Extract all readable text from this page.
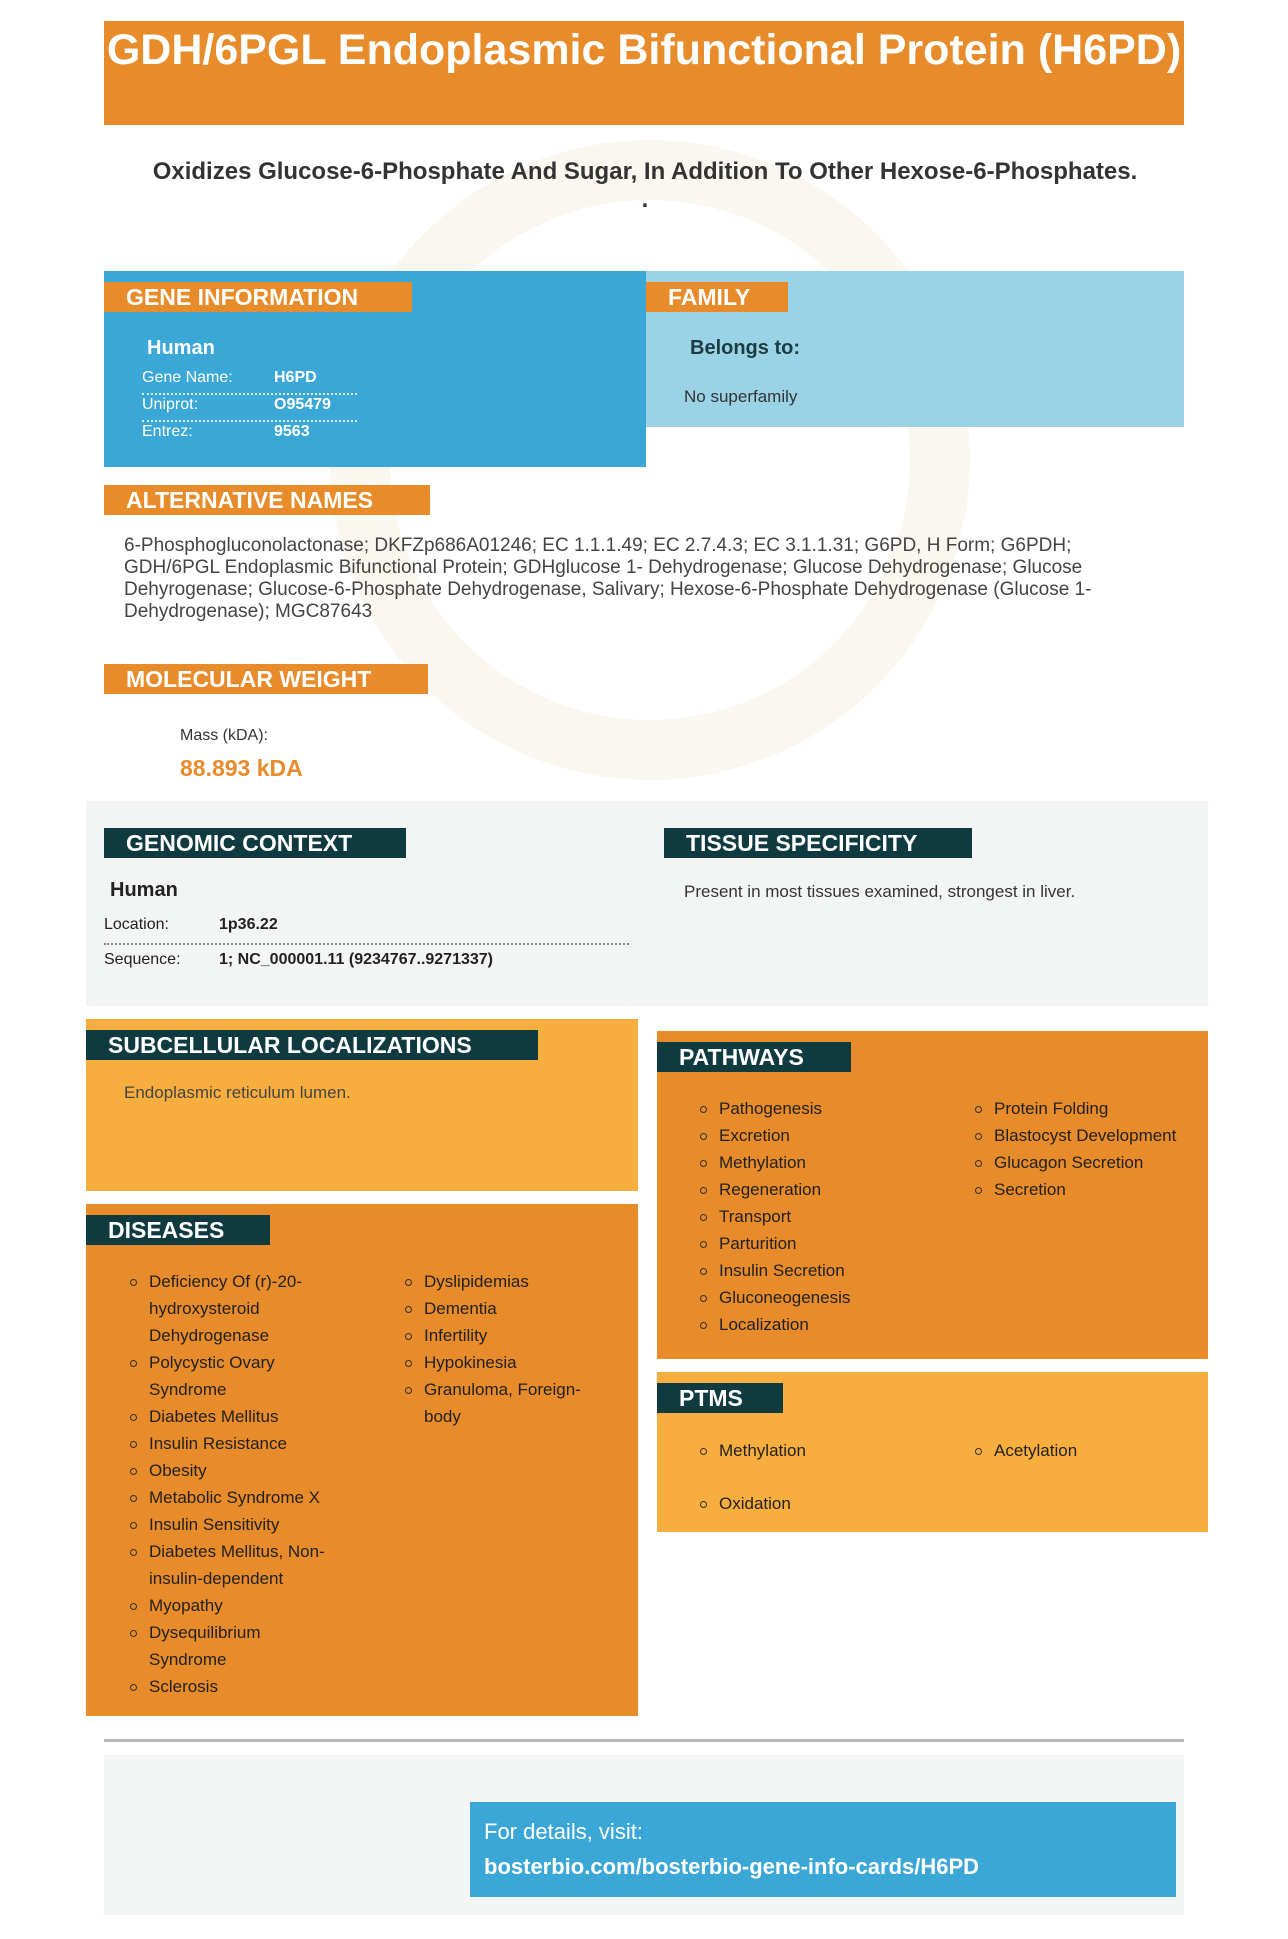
GDH/6PGL Endoplasmic Bifunctional Protein (H6PD)
Oxidizes Glucose-6-Phosphate And Sugar, In Addition To Other Hexose-6-Phosphates. .
GENE INFORMATION
Human
Gene Name:	H6PD
Uniprot:	O95479
Entrez:	9563
FAMILY
Belongs to:
No superfamily
ALTERNATIVE NAMES
6-Phosphogluconolactonase; DKFZp686A01246; EC 1.1.1.49; EC 2.7.4.3; EC 3.1.1.31; G6PD, H Form; G6PDH; GDH/6PGL Endoplasmic Bifunctional Protein; GDHglucose 1- Dehydrogenase; Glucose Dehydrogenase; Glucose Dehyrogenase; Glucose-6-Phosphate Dehydrogenase, Salivary; Hexose-6-Phosphate Dehydrogenase (Glucose 1-Dehydrogenase); MGC87643
MOLECULAR WEIGHT
Mass (kDA):
88.893 kDA
GENOMIC CONTEXT
Human
Location:	1p36.22
Sequence: 1; NC_000001.11 (9234767..9271337)
TISSUE SPECIFICITY
Present in most tissues examined, strongest in liver.
SUBCELLULAR LOCALIZATIONS
Endoplasmic reticulum lumen.
DISEASES
Deficiency Of (r)-20-hydroxysteroid Dehydrogenase
Polycystic Ovary Syndrome
Diabetes Mellitus
Insulin Resistance
Obesity
Metabolic Syndrome X
Insulin Sensitivity
Diabetes Mellitus, Non-insulin-dependent
Myopathy
Dysequilibrium Syndrome
Sclerosis
Dyslipidemias
Dementia
Infertility
Hypokinesia
Granuloma, Foreign-body
PATHWAYS
Pathogenesis
Excretion
Methylation
Regeneration
Transport
Parturition
Insulin Secretion
Gluconeogenesis
Localization
Protein Folding
Blastocyst Development
Glucagon Secretion
Secretion
PTMS
Methylation
Oxidation
Acetylation
For details, visit:
bosterbio.com/bosterbio-gene-info-cards/H6PD
